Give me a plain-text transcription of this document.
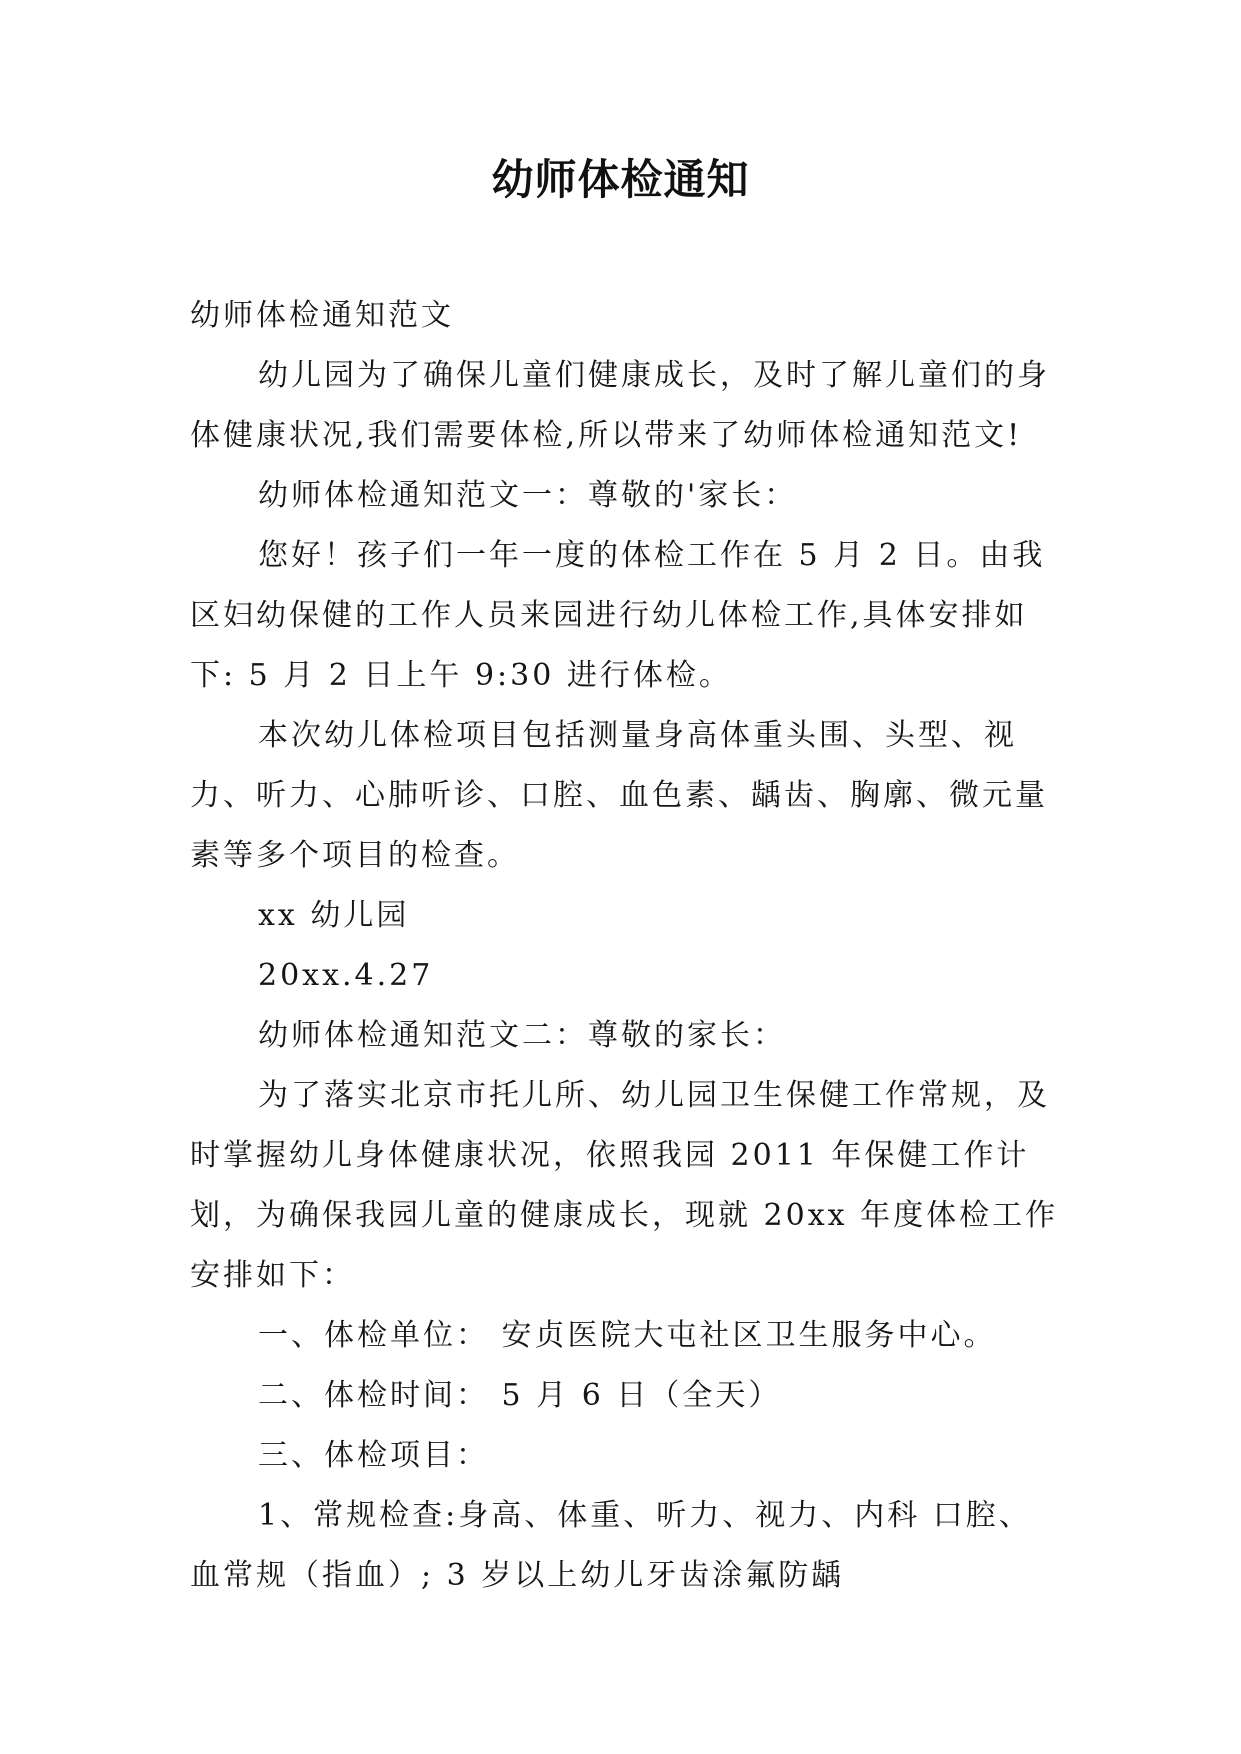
幼师体检通知

幼师体检通知范文

幼儿园为了确保儿童们健康成长，及时了解儿童们的身体健康状况,我们需要体检,所以带来了幼师体检通知范文!

幼师体检通知范文一：尊敬的'家长：

您好！孩子们一年一度的体检工作在 5 月 2 日。由我区妇幼保健的工作人员来园进行幼儿体检工作,具体安排如下: 5 月 2 日上午 9:30 进行体检。

本次幼儿体检项目包括测量身高体重头围、头型、视力、听力、心肺听诊、口腔、血色素、龋齿、胸廓、微元量素等多个项目的检查。

xx 幼儿园

20xx.4.27

幼师体检通知范文二：尊敬的家长：

为了落实北京市托儿所、幼儿园卫生保健工作常规，及时掌握幼儿身体健康状况，依照我园 2011 年保健工作计划，为确保我园儿童的健康成长，现就 20xx 年度体检工作安排如下：

一、体检单位： 安贞医院大屯社区卫生服务中心。

二、体检时间： 5 月 6 日（全天）

三、体检项目：

1、常规检查:身高、体重、听力、视力、内科 口腔、血常规（指血）; 3 岁以上幼儿牙齿涂氟防龋
